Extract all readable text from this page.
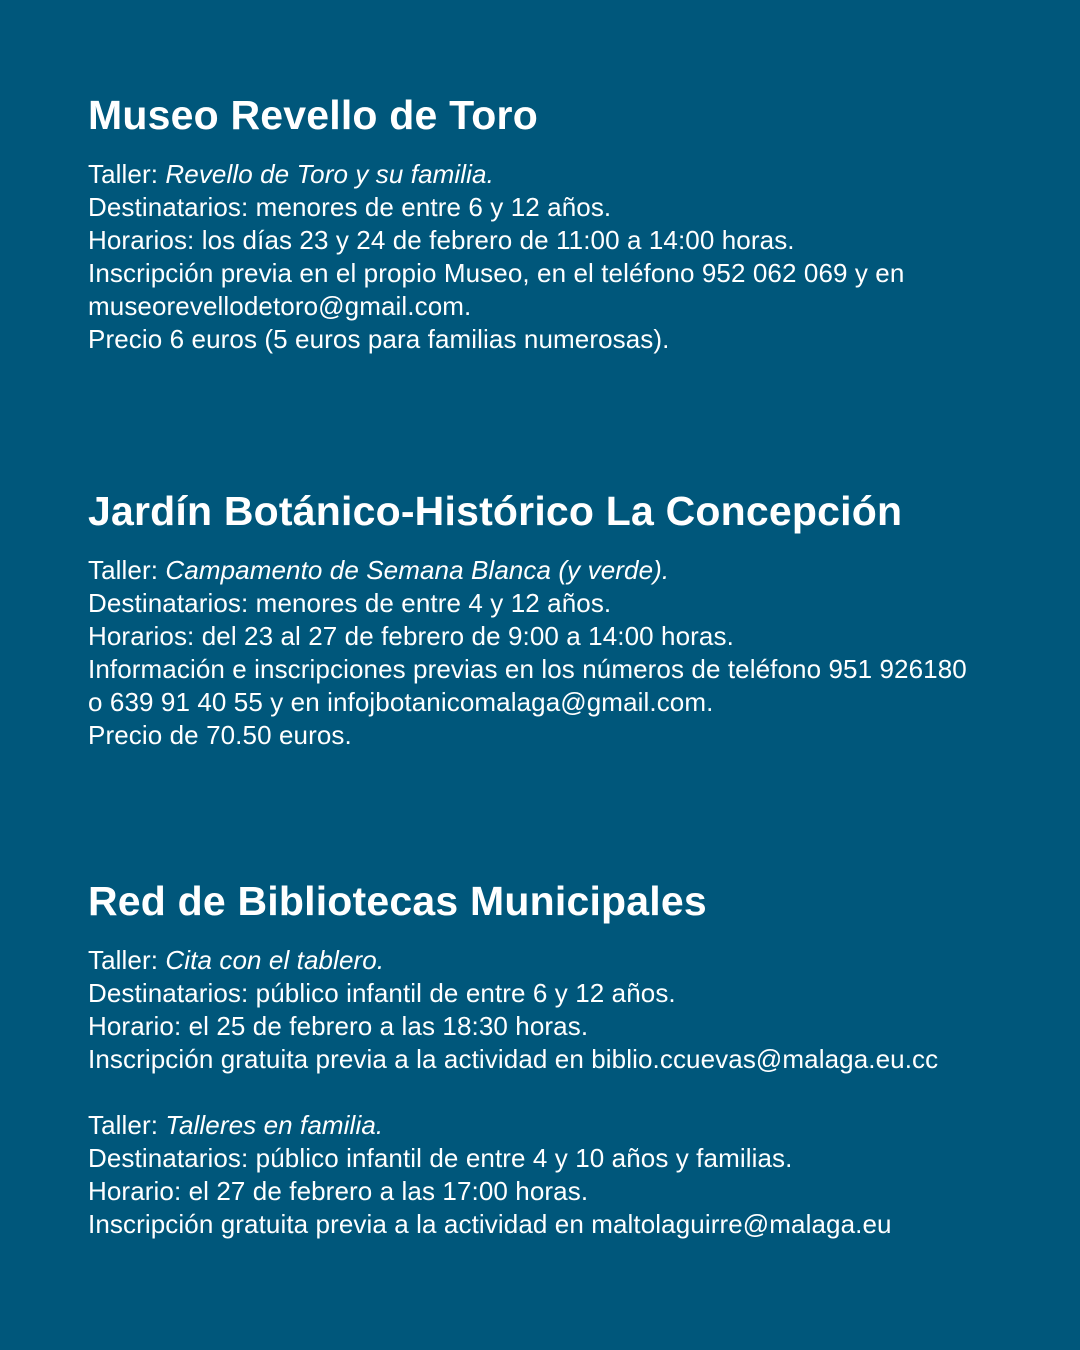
Museo Revello de Toro
Taller: Revello de Toro y su familia.
Destinatarios: menores de entre 6 y 12 años.
Horarios: los días 23 y 24 de febrero de 11:00 a 14:00 horas.
Inscripción previa en el propio Museo, en el teléfono 952 062 069 y en
museorevellodetoro@gmail.com.
Precio 6 euros (5 euros para familias numerosas).
Jardín Botánico-Histórico La Concepción
Taller: Campamento de Semana Blanca (y verde).
Destinatarios: menores de entre 4 y 12 años.
Horarios: del 23 al 27 de febrero de 9:00 a 14:00 horas.
Información e inscripciones previas en los números de teléfono 951 926180
o 639 91 40 55 y en infojbotanicomalaga@gmail.com.
Precio de 70.50 euros.
Red de Bibliotecas Municipales
Taller: Cita con el tablero.
Destinatarios: público infantil de entre 6 y 12 años.
Horario: el 25 de febrero a las 18:30 horas.
Inscripción gratuita previa a la actividad en biblio.ccuevas@malaga.eu.cc
Taller: Talleres en familia.
Destinatarios: público infantil de entre 4 y 10 años y familias.
Horario: el 27 de febrero a las 17:00 horas.
Inscripción gratuita previa a la actividad en maltolaguirre@malaga.eu
